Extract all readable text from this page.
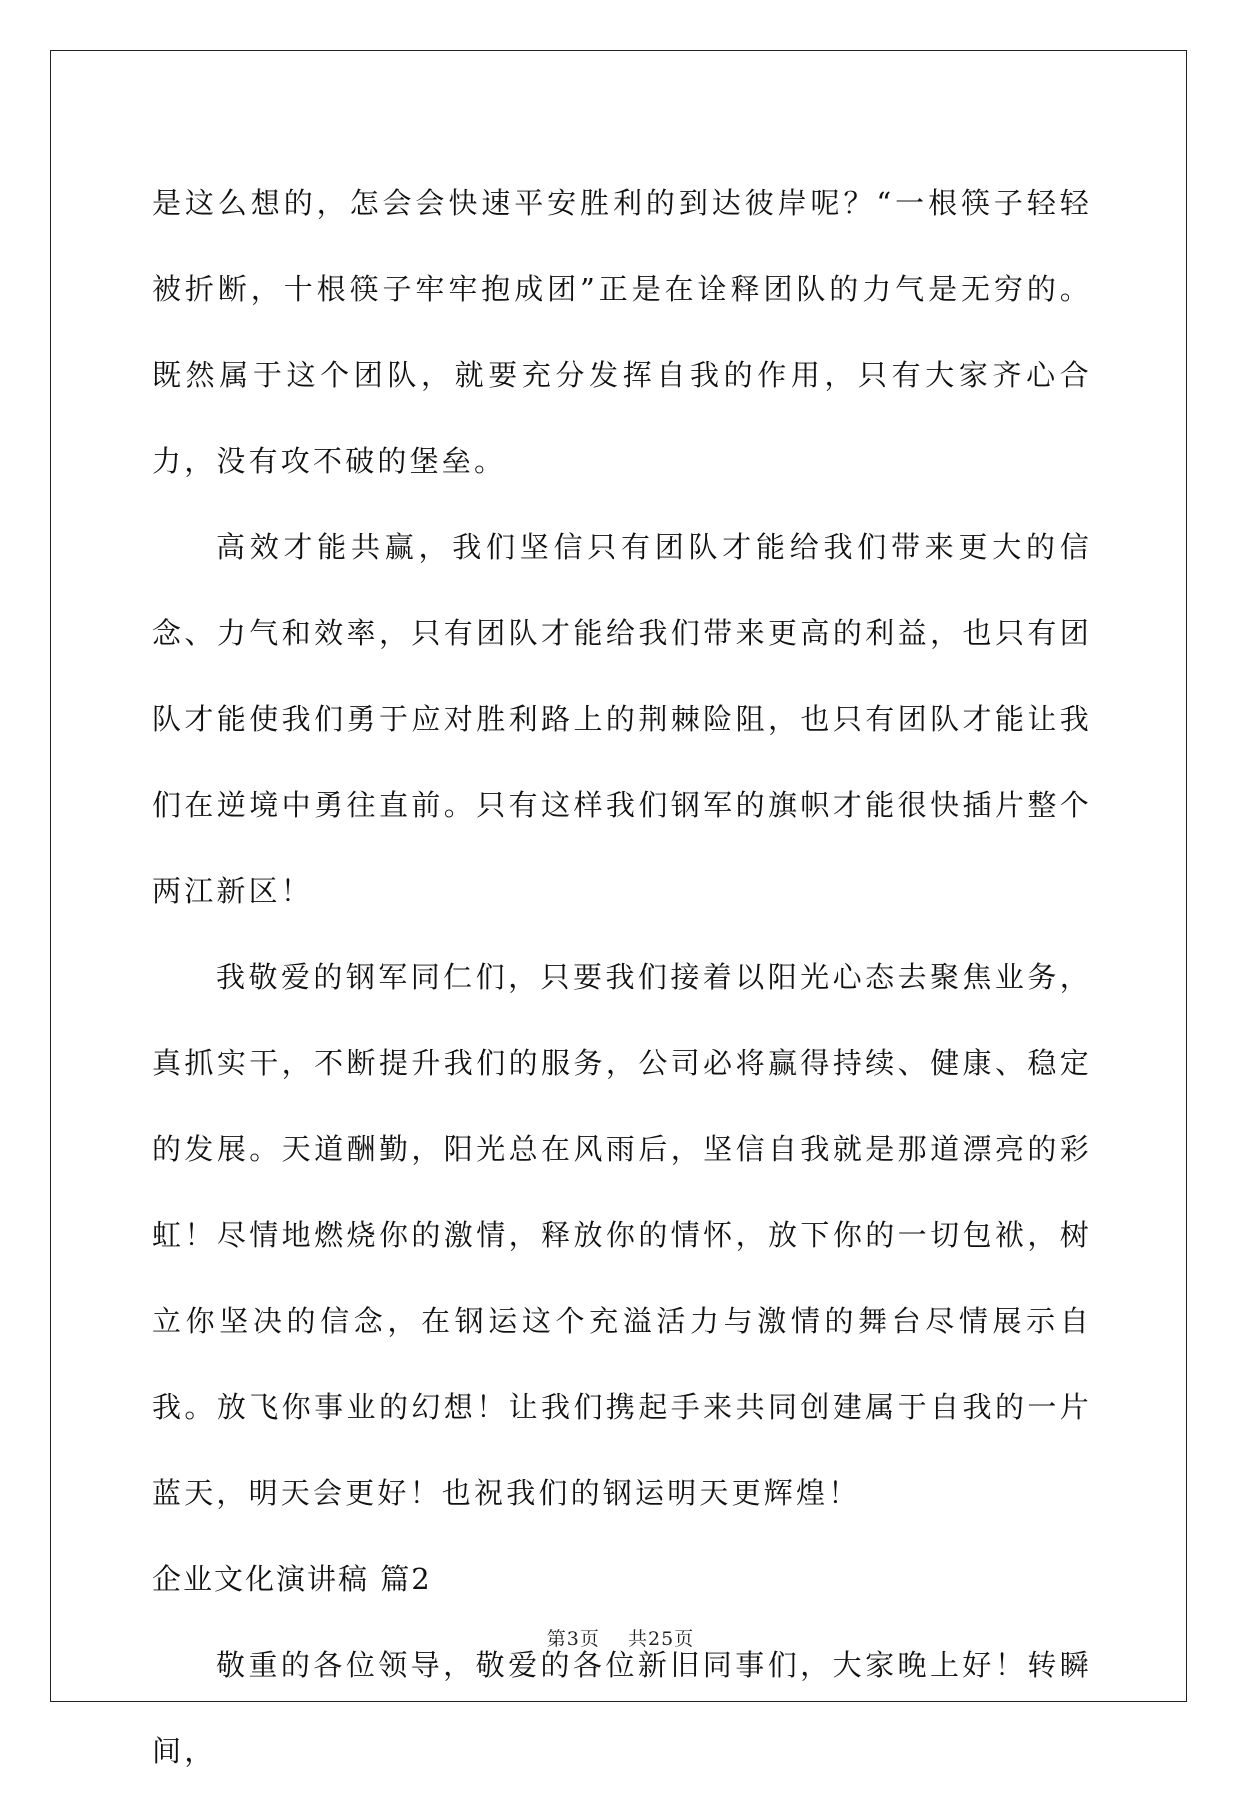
是这么想的，怎会会快速平安胜利的到达彼岸呢？“一根筷子轻轻被折断，十根筷子牢牢抱成团”正是在诠释团队的力气是无穷的。既然属于这个团队，就要充分发挥自我的作用，只有大家齐心合力，没有攻不破的堡垒。

高效才能共赢，我们坚信只有团队才能给我们带来更大的信念、力气和效率，只有团队才能给我们带来更高的利益，也只有团队才能使我们勇于应对胜利路上的荆棘险阻，也只有团队才能让我们在逆境中勇往直前。只有这样我们钢军的旗帜才能很快插片整个两江新区！

我敬爱的钢军同仁们，只要我们接着以阳光心态去聚焦业务，真抓实干，不断提升我们的服务，公司必将赢得持续、健康、稳定的发展。天道酬勤，阳光总在风雨后，坚信自我就是那道漂亮的彩虹！尽情地燃烧你的激情，释放你的情怀，放下你的一切包袱，树立你坚决的信念，在钢运这个充溢活力与激情的舞台尽情展示自我。放飞你事业的幻想！让我们携起手来共同创建属于自我的一片蓝天，明天会更好！也祝我们的钢运明天更辉煌！

企业文化演讲稿 篇2

敬重的各位领导，敬爱的各位新旧同事们，大家晚上好！转瞬间，

第3页 共25页
